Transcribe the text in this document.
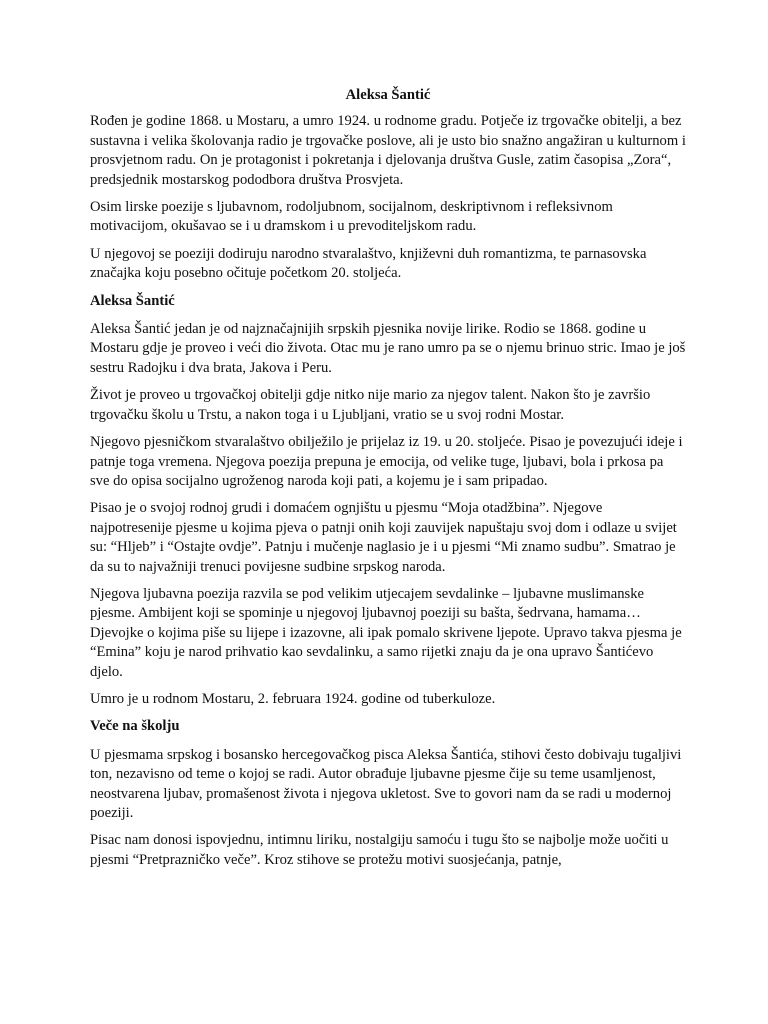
Aleksa Šantić

Rođen je godine 1868. u Mostaru, a umro 1924. u rodnome gradu. Potječe iz trgovačke obitelji, a bez sustavna i velika školovanja radio je trgovačke poslove, ali je usto bio snažno angažiran u kulturnom i prosvjetnom radu. On je protagonist i pokretanja i djelovanja društva Gusle, zatim časopisa „Zora“, predsjednik mostarskog pododbora društva Prosvjeta.

Osim lirske poezije s ljubavnom, rodoljubnom, socijalnom, deskriptivnom i refleksivnom motivacijom, okušavao se i u dramskom i u prevoditeljskom radu.

U njegovoj se poeziji dodiruju narodno stvaralaštvo, književni duh romantizma, te parnasovska značajka koju posebno očituje početkom 20. stoljeća.

Aleksa Šantić

Aleksa Šantić jedan je od najznačajnijih srpskih pjesnika novije lirike. Rodio se 1868. godine u Mostaru gdje je proveo i veći dio života. Otac mu je rano umro pa se o njemu brinuo stric. Imao je još sestru Radojku i dva brata, Jakova i Peru.

Život je proveo u trgovačkoj obitelji gdje nitko nije mario za njegov talent. Nakon što je završio trgovačku školu u Trstu, a nakon toga i u Ljubljani, vratio se u svoj rodni Mostar.

Njegovo pjesničkom stvaralaštvo obilježilo je prijelaz iz 19. u 20. stoljeće. Pisao je povezujući ideje i patnje toga vremena. Njegova poezija prepuna je emocija, od velike tuge, ljubavi, bola i prkosa pa sve do opisa socijalno ugroženog naroda koji pati, a kojemu je i sam pripadao.

Pisao je o svojoj rodnoj grudi i domaćem ognjištu u pjesmu “Moja otadžbina”. Njegove najpotresenije pjesme u kojima pjeva o patnji onih koji zauvijek napuštaju svoj dom i odlaze u svijet su: “Hljeb” i “Ostajte ovdje”. Patnju i mučenje naglasio je i u pjesmi “Mi znamo sudbu”. Smatrao je da su to najvažniji trenuci povijesne sudbine srpskog naroda.

Njegova ljubavna poezija razvila se pod velikim utjecajem sevdalinke – ljubavne muslimanske pjesme. Ambijent koji se spominje u njegovoj ljubavnoj poeziji su bašta, šedrvana, hamama…Djevojke o kojima piše su lijepe i izazovne, ali ipak pomalo skrivene ljepote. Upravo takva pjesma je “Emina” koju je narod prihvatio kao sevdalinku, a samo rijetki znaju da je ona upravo Šantićevo djelo.

Umro je u rodnom Mostaru, 2. februara 1924. godine od tuberkuloze.

Veče na školju

U pjesmama srpskog i bosansko hercegovačkog pisca Aleksa Šantića, stihovi često dobivaju tugaljivi ton, nezavisno od teme o kojoj se radi. Autor obrađuje ljubavne pjesme čije su teme usamljenost, neostvarena ljubav, promašenost života i njegova ukletost. Sve to govori nam da se radi u modernoj poeziji.

Pisac nam donosi ispovjednu, intimnu liriku, nostalgiju samoću i tugu što se najbolje može uočiti u pjesmi “Pretprazničko veče”. Kroz stihove se protežu motivi suosjećanja, patnje,
